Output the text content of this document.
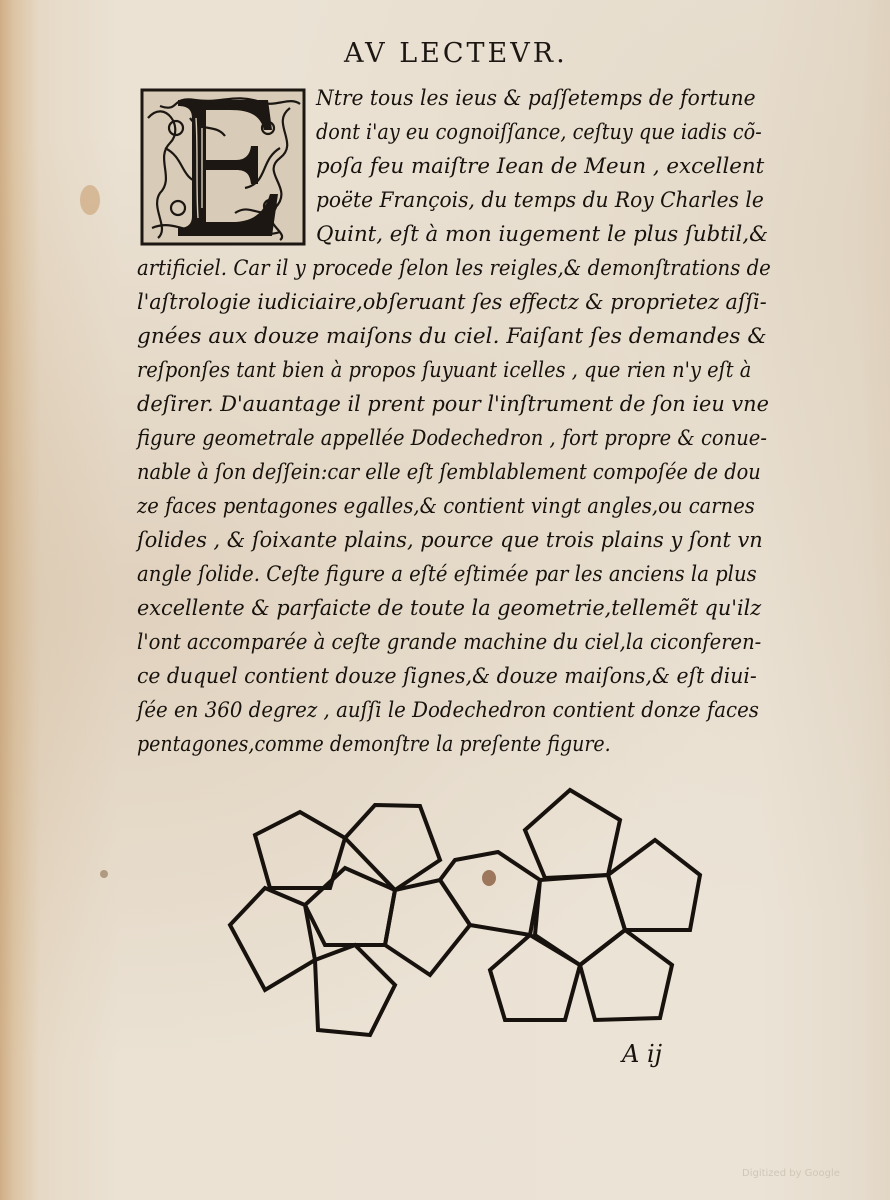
AV LECTEVR.
Ntre tous les ieus & paſſetemps de fortune
dont i'ay eu cognoiſſance, ceſtuy que iadis cõ-
poſa feu maiſtre Iean de Meun , excellent
poëte François, du temps du Roy Charles le
Quint, eſt à mon iugement le plus ſubtil,&
artificiel. Car il y procede ſelon les reigles,& demonſtrations de
l'aſtrologie iudiciaire,obſeruant ſes effectz & proprietez aſſi-
gnées aux douze maiſons du ciel. Faiſant ſes demandes &
reſponſes tant bien à propos ſuyuant icelles , que rien n'y eſt à
deſirer. D'auantage il prent pour l'inſtrument de ſon ieu vne
figure geometrale appellée Dodechedron , fort propre & conue-
nable à ſon deſſein:car elle eſt ſemblablement compoſée de dou
ze faces pentagones egalles,& contient vingt angles,ou carnes
ſolides , & ſoixante plains, pource que trois plains y ſont vn
angle ſolide. Ceſte figure a eſté eſtimée par les anciens la plus
excellente & parfaicte de toute la geometrie,tellemẽt qu'ilz
l'ont accomparée à ceſte grande machine du ciel,la ciconferen-
ce duquel contient douze ſignes,& douze maiſons,& eſt diui-
ſée en 360 degrez , auſſi le Dodechedron contient donze faces
pentagones,comme demonſtre la preſente figure.
A ij
Digitized by Google
